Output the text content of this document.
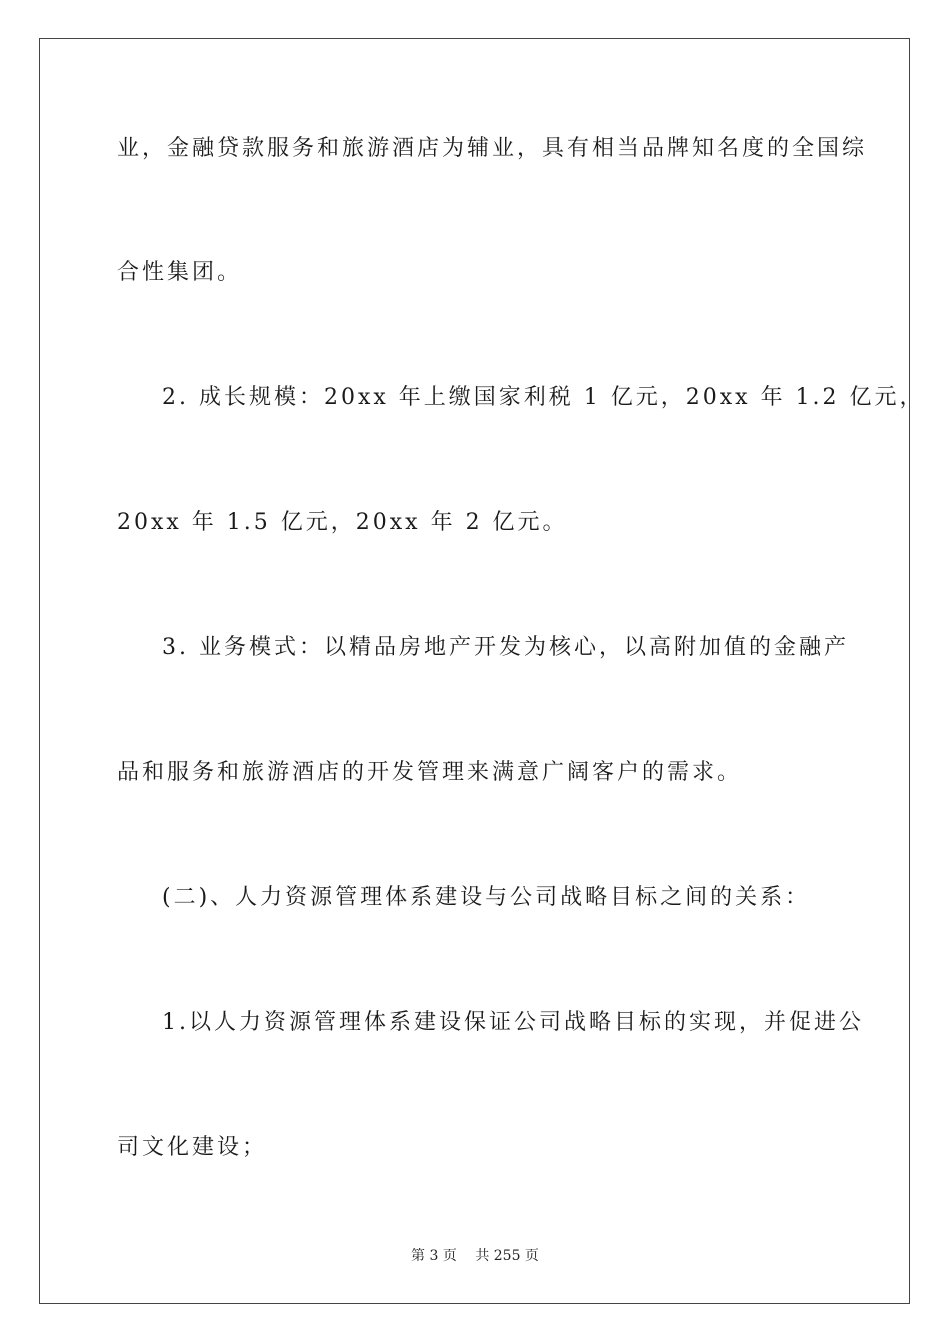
业，金融贷款服务和旅游酒店为辅业，具有相当品牌知名度的全国综
合性集团。
2. 成长规模：20xx 年上缴国家利税 1 亿元，20xx 年 1.2 亿元，
20xx 年 1.5 亿元，20xx 年 2 亿元。
3. 业务模式：以精品房地产开发为核心，以高附加值的金融产
品和服务和旅游酒店的开发管理来满意广阔客户的需求。
(二)、人力资源管理体系建设与公司战略目标之间的关系：
1.以人力资源管理体系建设保证公司战略目标的实现，并促进公
司文化建设；
第 3 页 共 255 页
